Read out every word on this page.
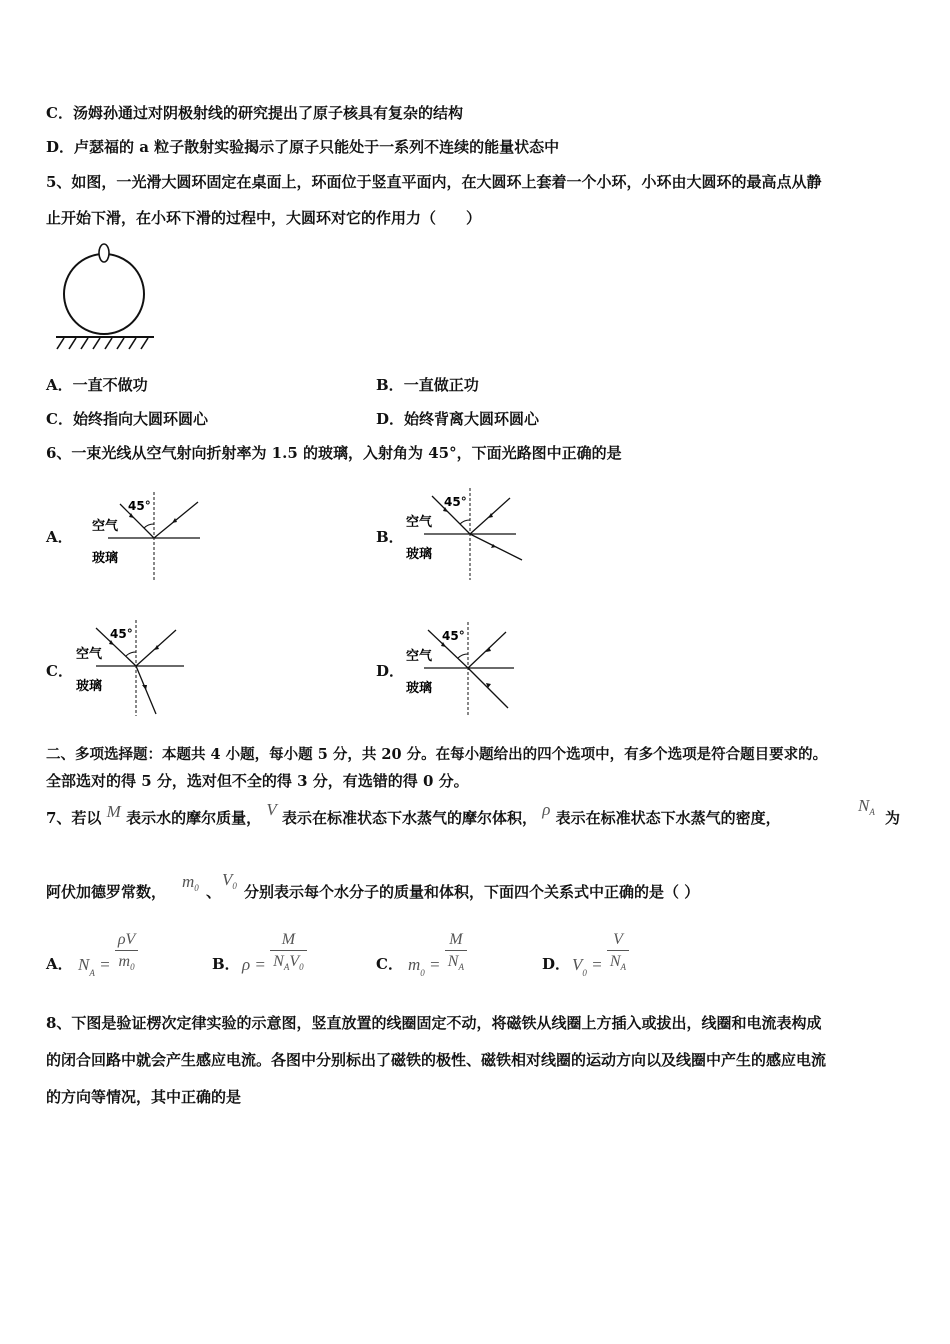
C．汤姆孙通过对阴极射线的研究提出了原子核具有复杂的结构
D．卢瑟福的 a 粒子散射实验揭示了原子只能处于一系列不连续的能量状态中
5、如图，一光滑大圆环固定在桌面上，环面位于竖直平面内，在大圆环上套着一个小环，小环由大圆环的最高点从静
止开始下滑，在小环下滑的过程中，大圆环对它的作用力（　　）
A．一直不做功	B．一直做正功
C．始终指向大圆环圆心	D．始终背离大圆环圆心
6、一束光线从空气射向折射率为 1.5 的玻璃，入射角为 45°，下面光路图中正确的是
A．
45°
空气
玻璃
B．
45°
空气
玻璃
C．
45°
空气
玻璃
D．
45°
空气
玻璃
二、多项选择题：本题共 4 小题，每小题 5 分，共 20 分。在每小题给出的四个选项中，有多个选项是符合题目要求的。
全部选对的得 5 分，选对但不全的得 3 分，有选错的得 0 分。
7、若以 M 表示水的摩尔质量， V 表示在标准状态下水蒸气的摩尔体积， ρ 表示在标准状态下水蒸气的密度，
$N_A$ 为
阿伏加德罗常数，
$m_0$ 、
$V_0$ 分别表示每个水分子的质量和体积，下面四个关系式中正确的是（ ）
A． $N_A = \frac{\rho V}{m_0}$	B． $\rho = \frac{M}{N_AV_0}$	C． $m_0 = \frac{M}{N_A}$	D． $V_0 = \frac{V}{N_A}$
8、下图是验证楞次定律实验的示意图，竖直放置的线圈固定不动，将磁铁从线圈上方插入或拔出，线圈和电流表构成
的闭合回路中就会产生感应电流。各图中分别标出了磁铁的极性、磁铁相对线圈的运动方向以及线圈中产生的感应电流
的方向等情况，其中正确的是
